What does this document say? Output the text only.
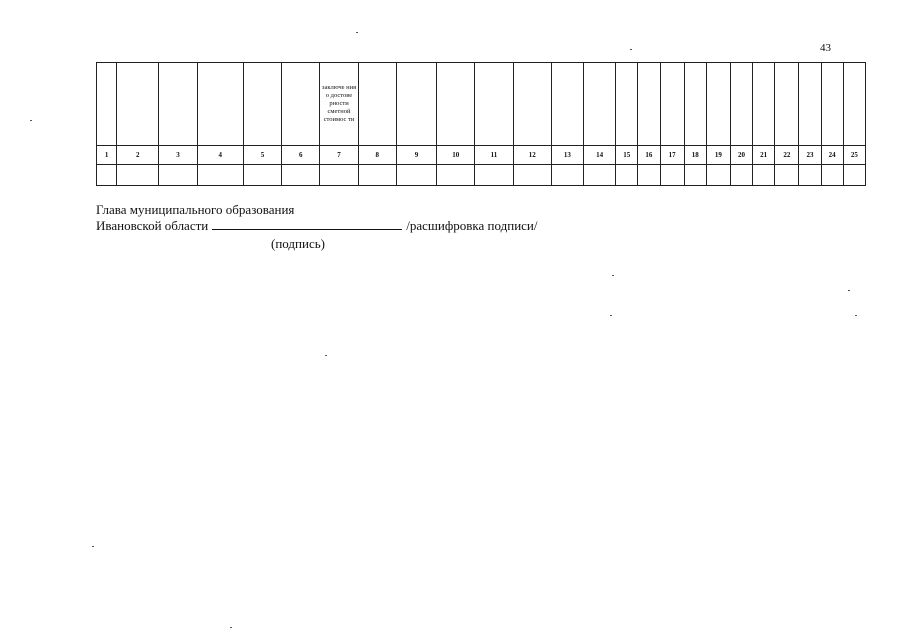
43

						заключе ния о достове рности сметной стоимос ти																		

1	2	3	4	5	6	7	8	9	10	11	12	13	14	15	16	17	18	19	20	21	22	23	24	25

Глава муниципального образования
Ивановской области	/расшифровка подписи/
(подпись)
